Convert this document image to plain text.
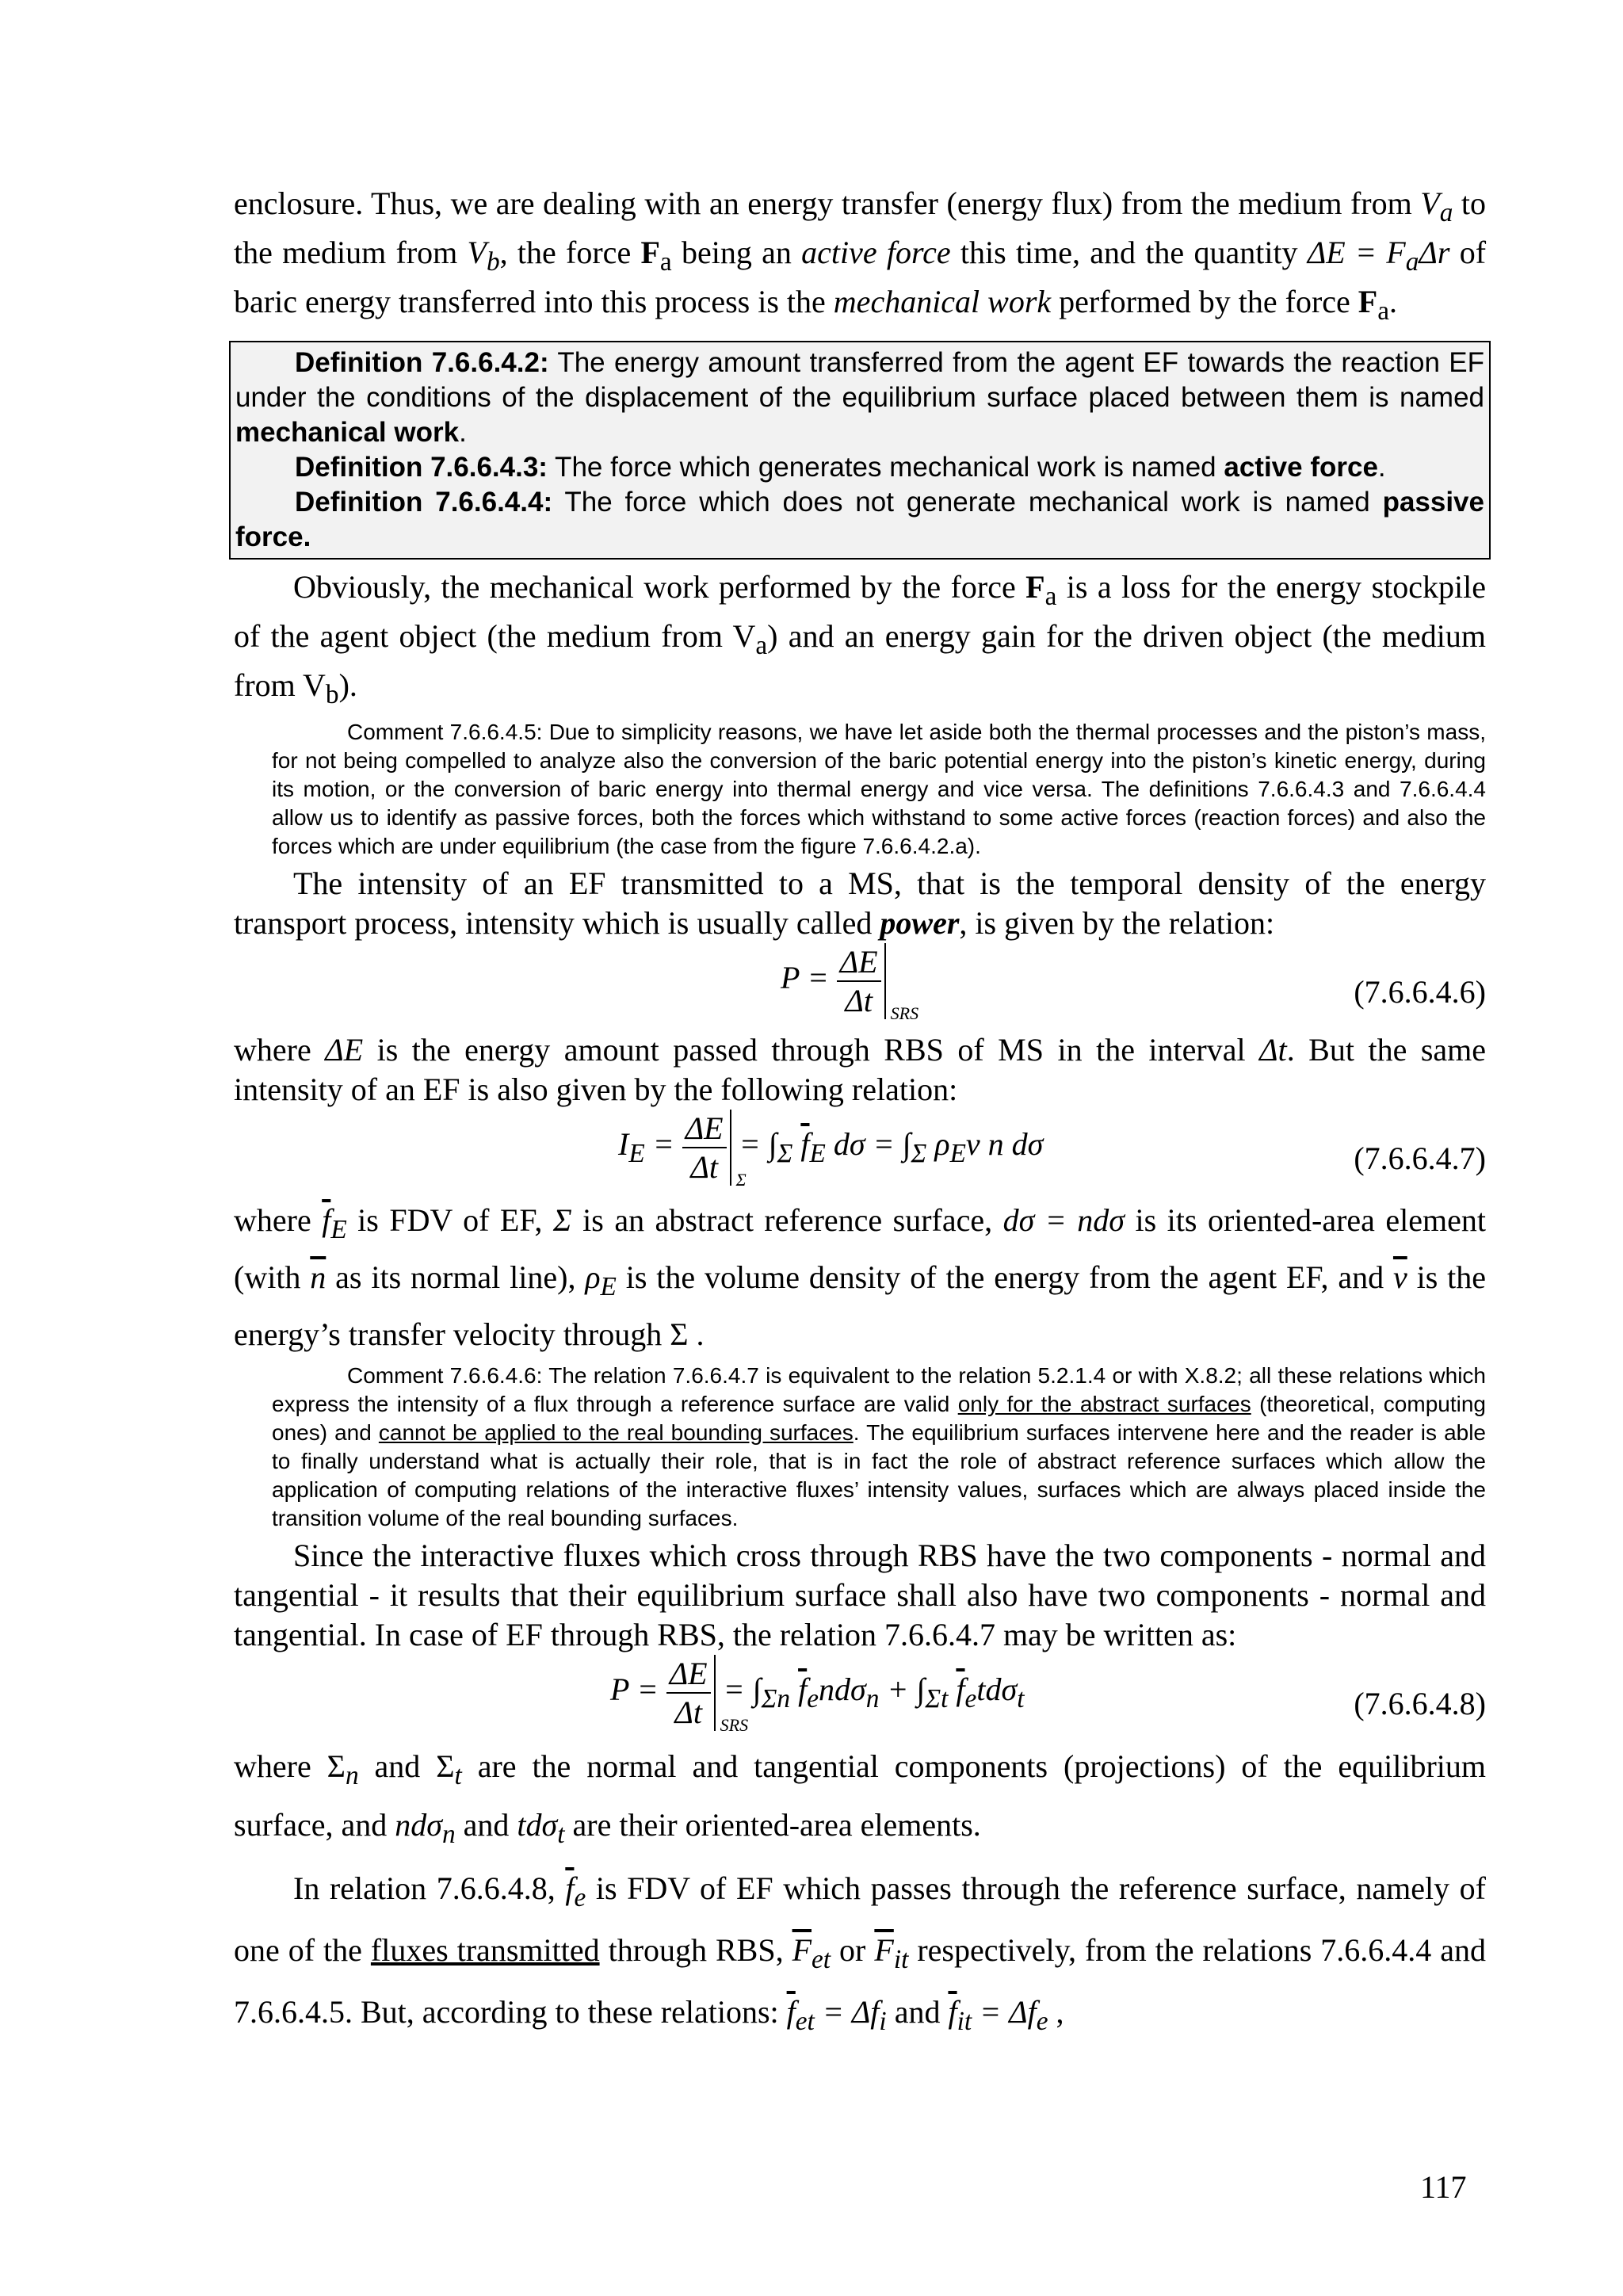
enclosure. Thus, we are dealing with an energy transfer (energy flux) from the medium from $V_a$ to the medium from $V_b$, the force $F_a$ being an active force this time, and the quantity $\Delta E = F_a\Delta r$ of baric energy transferred into this process is the mechanical work performed by the force $F_a$.

Definition 7.6.6.4.2: The energy amount transferred from the agent EF towards the reaction EF under the conditions of the displacement of the equilibrium surface placed between them is named mechanical work.

Definition 7.6.6.4.3: The force which generates mechanical work is named active force.

Definition 7.6.6.4.4: The force which does not generate mechanical work is named passive force.

Obviously, the mechanical work performed by the force $F_a$ is a loss for the energy stockpile of the agent object (the medium from $V_a$) and an energy gain for the driven object (the medium from $V_b$).

Comment 7.6.6.4.5: Due to simplicity reasons, we have let aside both the thermal processes and the piston’s mass, for not being compelled to analyze also the conversion of the baric potential energy into the piston’s kinetic energy, during its motion, or the conversion of baric energy into thermal energy and vice versa. The definitions 7.6.6.4.3 and 7.6.6.4.4 allow us to identify as passive forces, both the forces which withstand to some active forces (reaction forces) and also the forces which are under equilibrium (the case from the figure 7.6.6.4.2.a).

The intensity of an EF transmitted to a MS, that is the temporal density of the energy transport process, intensity which is usually called power, is given by the relation:

$P = \frac{\Delta E}{\Delta t}$ SRS
(7.6.6.4.6)

where ΔE is the energy amount passed through RBS of MS in the interval Δt. But the same intensity of an EF is also given by the following relation:

$I_E = \frac{\Delta E}{\Delta t}$ Σ
= $\int_\Sigma$ $\overline{f}_E$ $d\sigma = \int_\Sigma$ $\rho_Ev$ n dσ	(7.6.6.4.7)

where $\overline{f}_E$ is FDV of EF, Σ is an abstract reference surface, dσ = ndσ is its oriented-area element (with $\overline{n}$ as its normal line), $\rho_E$ is the volume density of the energy from the agent EF, and $\overline{v}$ is the energy’s transfer velocity through Σ .

Comment 7.6.6.4.6: The relation 7.6.6.4.7 is equivalent to the relation 5.2.1.4 or with X.8.2; all these relations which express the intensity of a flux through a reference surface are valid only for the abstract surfaces (theoretical, computing ones) and cannot be applied to the real bounding surfaces. The equilibrium surfaces intervene here and the reader is able to finally understand what is actually their role, that is in fact the role of abstract reference surfaces which allow the application of computing relations of the interactive fluxes’ intensity values, surfaces which are always placed inside the transition volume of the real bounding surfaces.

Since the interactive fluxes which cross through RBS have the two components - normal and tangential - it results that their equilibrium surface shall also have two components - normal and tangential. In case of EF through RBS, the relation 7.6.6.4.7 may be written as:

$P = \frac{\Delta E}{\Delta t}$ SRS
= $\int_{\Sigma n}$ $\overline{f}_end\sigma_n + \int_{\Sigma t}$ $\overline{f}_etd\sigma_t$	(7.6.6.4.8)

where $\Sigma_n$ and $\Sigma_t$ are the normal and tangential components (projections) of the equilibrium surface, and ndσ$_n$ and tdσ$_t$ are their oriented-area elements.

In relation 7.6.6.4.8, $\overline{f}_e$ is FDV of EF which passes through the reference surface, namely of one of the fluxes transmitted through RBS, $\overline{F}_{et}$ or $\overline{F}_{it}$ respectively, from the relations 7.6.6.4.4 and 7.6.6.4.5. But, according to these relations: $\overline{f}_{et} = \Delta f_i$ and $\overline{f}_{it} = \Delta f_e$ ,

117
